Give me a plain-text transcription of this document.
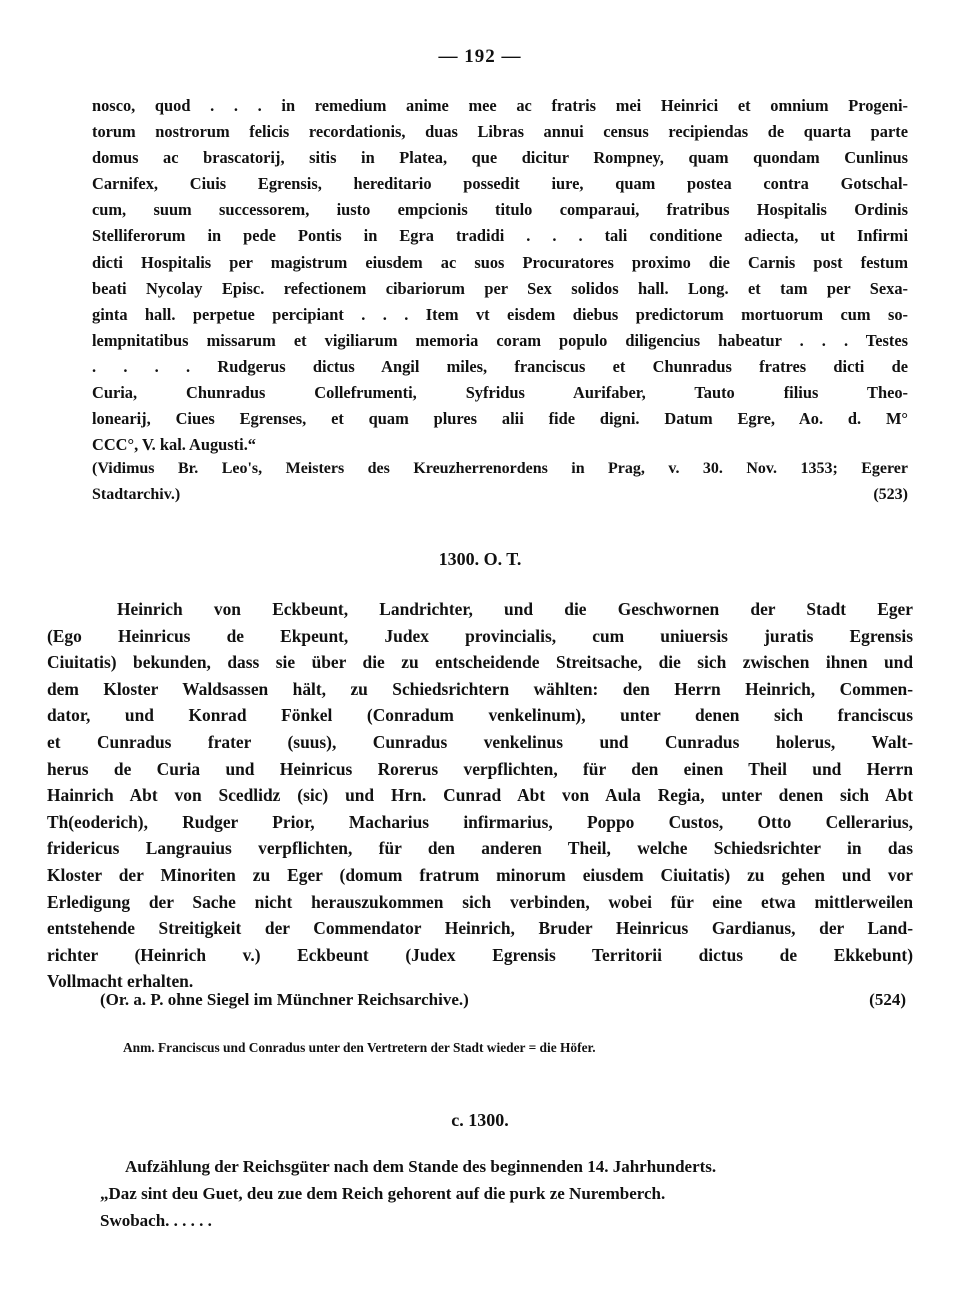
— 192 —
nosco, quod . . . in remedium anime mee ac fratris mei Heinrici et omnium Progeni-
torum nostrorum felicis recordationis, duas Libras annui census recipiendas de quarta parte
domus ac brascatorij, sitis in Platea, que dicitur Rompney, quam quondam Cunlinus
Carnifex, Ciuis Egrensis, hereditario possedit iure, quam postea contra Gotschal-
cum, suum successorem, iusto empcionis titulo comparaui, fratribus Hospitalis Ordinis
Stelliferorum in pede Pontis in Egra tradidi . . . tali conditione adiecta, ut Infirmi
dicti Hospitalis per magistrum eiusdem ac suos Procuratores proximo die Carnis post festum
beati Nycolay Episc. refectionem cibariorum per Sex solidos hall. Long. et tam per Sexa-
ginta hall. perpetue percipiant . . . Item vt eisdem diebus predictorum mortuorum cum so-
lempnitatibus missarum et vigiliarum memoria coram populo diligencius habeatur . . . Testes
. . . . Rudgerus dictus Angil miles, franciscus et Chunradus fratres dicti de
Curia, Chunradus Collefrumenti, Syfridus Aurifaber, Tauto filius Theo-
lonearij, Ciues Egrenses, et quam plures alii fide digni. Datum Egre, Ao. d. M°
CCC°, V. kal. Augusti.“
(Vidimus Br. Leo's, Meisters des Kreuzherrenordens in Prag, v. 30. Nov. 1353; Egerer
Stadtarchiv.)	(523)
1300. O. T.
Heinrich von Eckbeunt, Landrichter, und die Geschwornen der Stadt Eger
(Ego Heinricus de Ekpeunt, Judex provincialis, cum uniuersis juratis Egrensis
Ciuitatis) bekunden, dass sie über die zu entscheidende Streitsache, die sich zwischen ihnen und
dem Kloster Waldsassen hält, zu Schiedsrichtern wählten: den Herrn Heinrich, Commen-
dator, und Konrad Fönkel (Conradum venkelinum), unter denen sich franciscus
et Cunradus frater (suus), Cunradus venkelinus und Cunradus holerus, Walt-
herus de Curia und Heinricus Rorerus verpflichten, für den einen Theil und Herrn
Hainrich Abt von Scedlidz (sic) und Hrn. Cunrad Abt von Aula Regia, unter denen sich Abt
Th(eoderich), Rudger Prior, Macharius infirmarius, Poppo Custos, Otto Cellerarius,
fridericus Langrauius verpflichten, für den anderen Theil, welche Schiedsrichter in das
Kloster der Minoriten zu Eger (domum fratrum minorum eiusdem Ciuitatis) zu gehen und vor
Erledigung der Sache nicht herauszukommen sich verbinden, wobei für eine etwa mittlerweilen
entstehende Streitigkeit der Commendator Heinrich, Bruder Heinricus Gardianus, der Land-
richter (Heinrich v.) Eckbeunt (Judex Egrensis Territorii dictus de Ekkebunt)
Vollmacht erhalten.
(Or. a. P. ohne Siegel im Münchner Reichsarchive.)	(524)
Anm. Franciscus und Conradus unter den Vertretern der Stadt wieder = die Höfer.
c. 1300.
Aufzählung der Reichsgüter nach dem Stande des beginnenden 14. Jahrhunderts.
„Daz sint deu Guet, deu zue dem Reich gehorent auf die purk ze Nuremberch.
Swobach. . . . . .
